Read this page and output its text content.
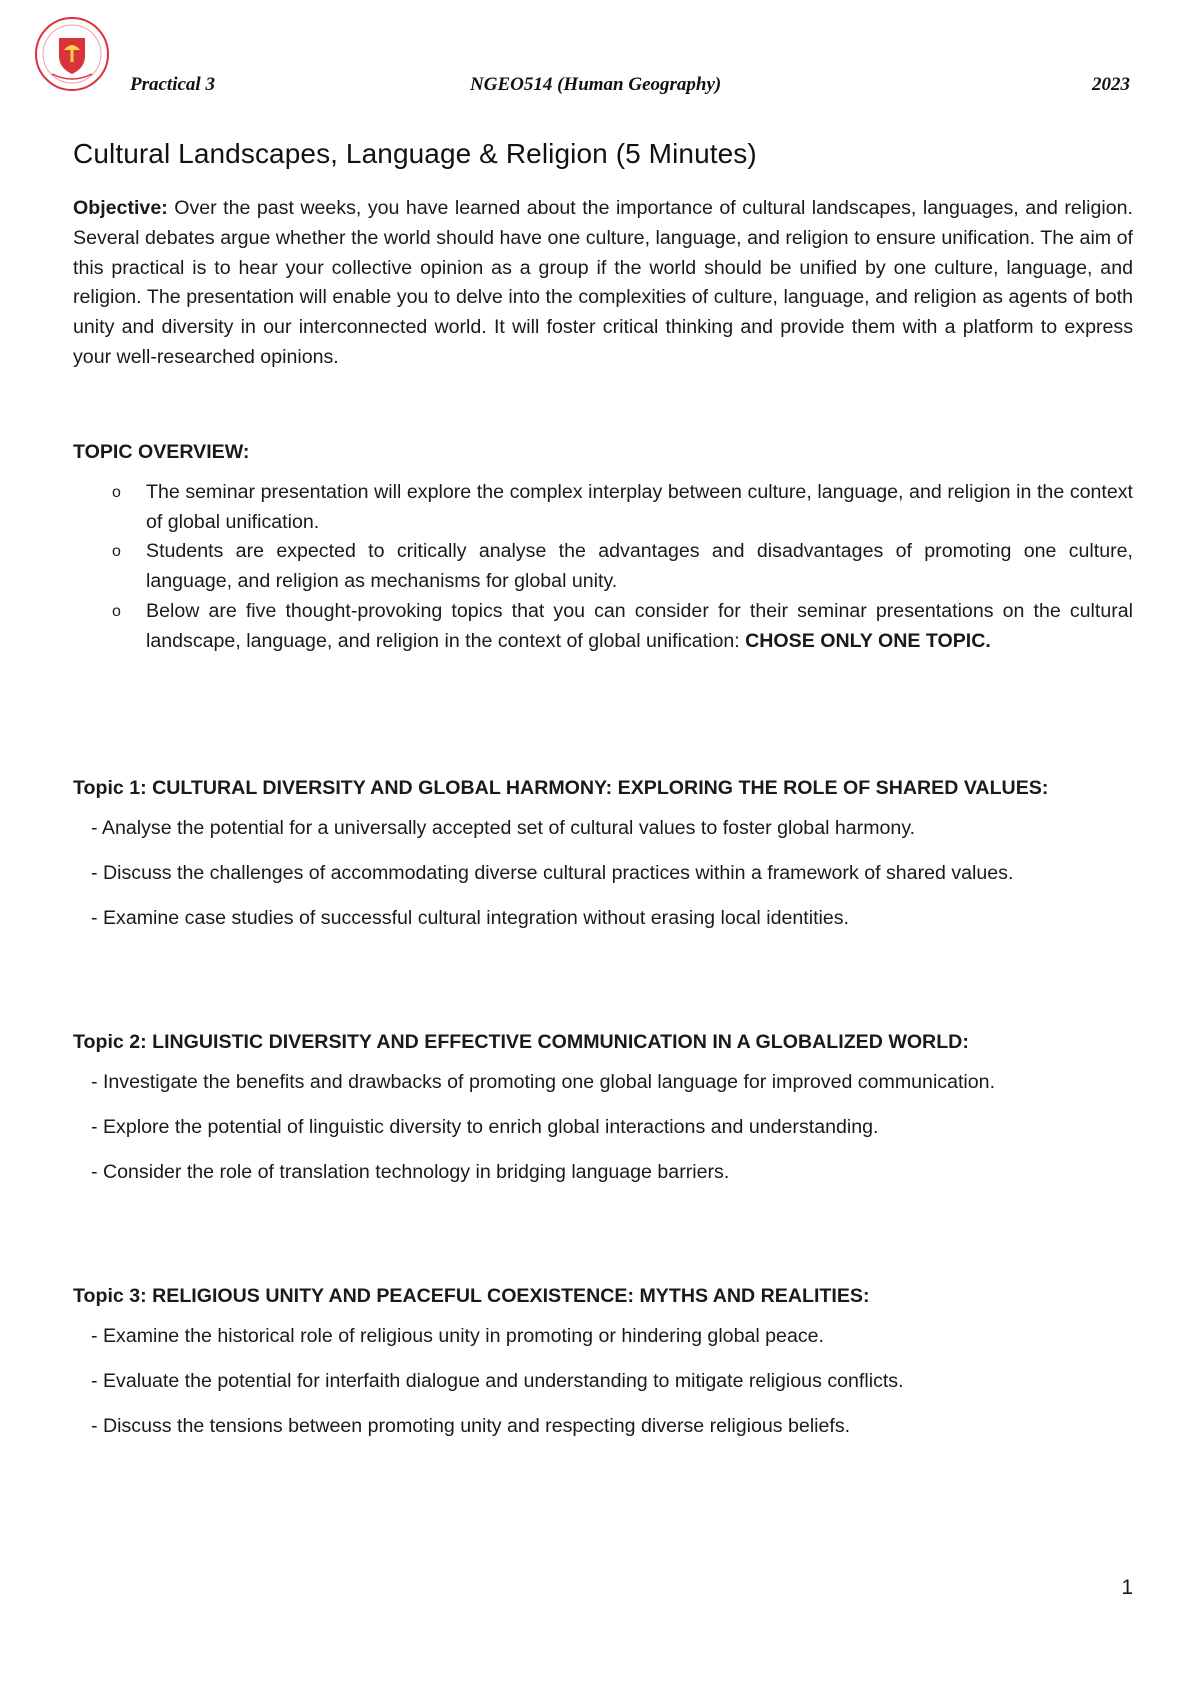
Practical 3	NGEO514 (Human Geography)	2023
Cultural Landscapes, Language & Religion (5 Minutes)

Objective: Over the past weeks, you have learned about the importance of cultural landscapes, languages, and religion. Several debates argue whether the world should have one culture, language, and religion to ensure unification. The aim of this practical is to hear your collective opinion as a group if the world should be unified by one culture, language, and religion. The presentation will enable you to delve into the complexities of culture, language, and religion as agents of both unity and diversity in our interconnected world. It will foster critical thinking and provide them with a platform to express your well-researched opinions.

TOPIC OVERVIEW:
o The seminar presentation will explore the complex interplay between culture, language, and religion in the context of global unification.
o Students are expected to critically analyse the advantages and disadvantages of promoting one culture, language, and religion as mechanisms for global unity.
o Below are five thought-provoking topics that you can consider for their seminar presentations on the cultural landscape, language, and religion in the context of global unification: CHOSE ONLY ONE TOPIC.
Topic 1: CULTURAL DIVERSITY AND GLOBAL HARMONY: EXPLORING THE ROLE OF SHARED VALUES:
- Analyse the potential for a universally accepted set of cultural values to foster global harmony.
- Discuss the challenges of accommodating diverse cultural practices within a framework of shared values.
- Examine case studies of successful cultural integration without erasing local identities.
Topic 2: LINGUISTIC DIVERSITY AND EFFECTIVE COMMUNICATION IN A GLOBALIZED WORLD:
- Investigate the benefits and drawbacks of promoting one global language for improved communication.
- Explore the potential of linguistic diversity to enrich global interactions and understanding.
- Consider the role of translation technology in bridging language barriers.
Topic 3: RELIGIOUS UNITY AND PEACEFUL COEXISTENCE: MYTHS AND REALITIES:
- Examine the historical role of religious unity in promoting or hindering global peace.
- Evaluate the potential for interfaith dialogue and understanding to mitigate religious conflicts.
- Discuss the tensions between promoting unity and respecting diverse religious beliefs.
1
